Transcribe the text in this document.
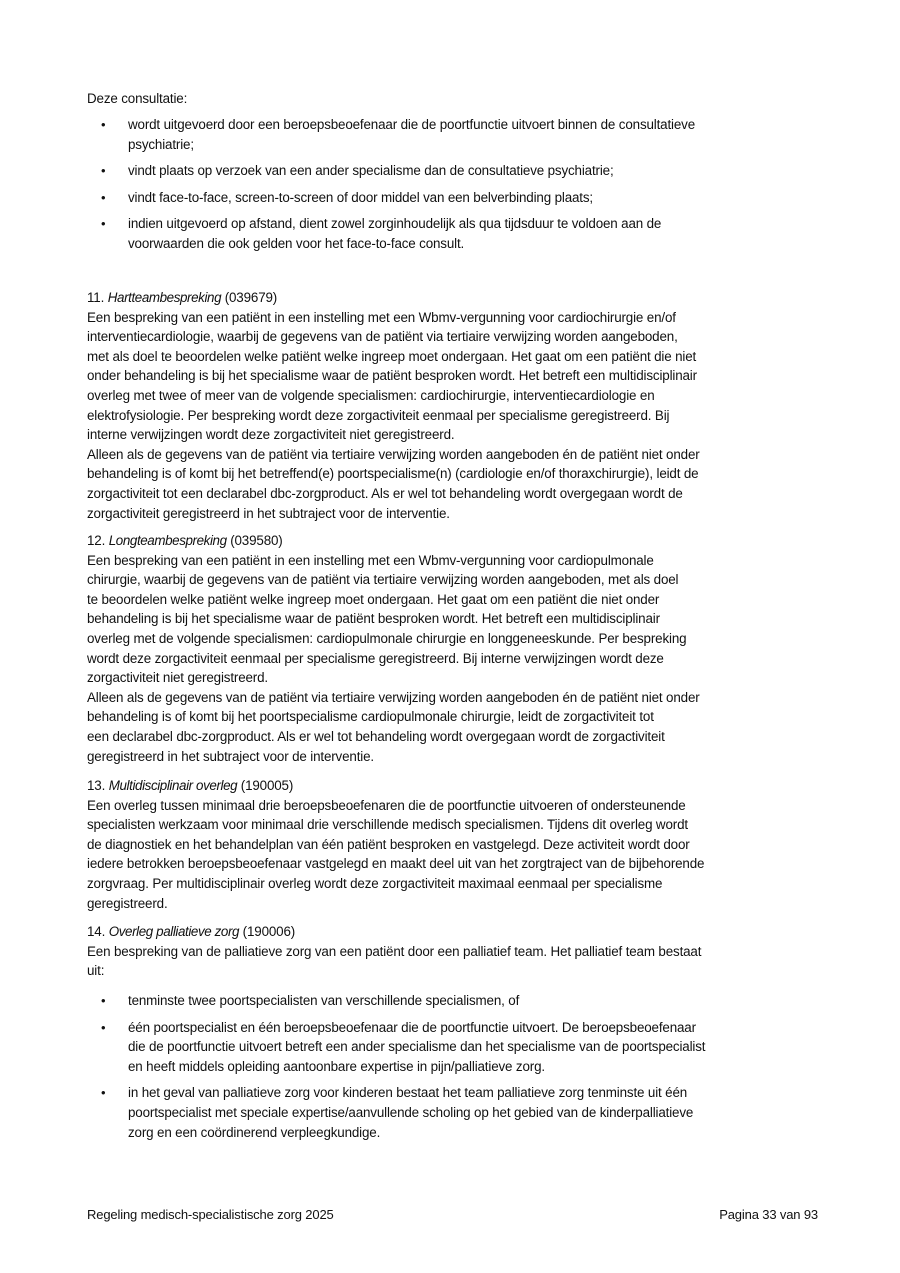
Deze consultatie:
• wordt uitgevoerd door een beroepsbeoefenaar die de poortfunctie uitvoert binnen de consultatieve
psychiatrie;
• vindt plaats op verzoek van een ander specialisme dan de consultatieve psychiatrie;
• vindt face-to-face, screen-to-screen of door middel van een belverbinding plaats;
• indien uitgevoerd op afstand, dient zowel zorginhoudelijk als qua tijdsduur te voldoen aan de
voorwaarden die ook gelden voor het face-to-face consult.
11. Hartteambespreking (039679)
Een bespreking van een patiënt in een instelling met een Wbmv-vergunning voor cardiochirurgie en/of
interventiecardiologie, waarbij de gegevens van de patiënt via tertiaire verwijzing worden aangeboden,
met als doel te beoordelen welke patiënt welke ingreep moet ondergaan. Het gaat om een patiënt die niet
onder behandeling is bij het specialisme waar de patiënt besproken wordt. Het betreft een multidisciplinair
overleg met twee of meer van de volgende specialismen: cardiochirurgie, interventiecardiologie en
elektrofysiologie. Per bespreking wordt deze zorgactiviteit eenmaal per specialisme geregistreerd. Bij
interne verwijzingen wordt deze zorgactiviteit niet geregistreerd.
Alleen als de gegevens van de patiënt via tertiaire verwijzing worden aangeboden én de patiënt niet onder
behandeling is of komt bij het betreffend(e) poortspecialisme(n) (cardiologie en/of thoraxchirurgie), leidt de
zorgactiviteit tot een declarabel dbc-zorgproduct. Als er wel tot behandeling wordt overgegaan wordt de
zorgactiviteit geregistreerd in het subtraject voor de interventie.
12. Longteambespreking (039580)
Een bespreking van een patiënt in een instelling met een Wbmv-vergunning voor cardiopulmonale
chirurgie, waarbij de gegevens van de patiënt via tertiaire verwijzing worden aangeboden, met als doel
te beoordelen welke patiënt welke ingreep moet ondergaan. Het gaat om een patiënt die niet onder
behandeling is bij het specialisme waar de patiënt besproken wordt. Het betreft een multidisciplinair
overleg met de volgende specialismen: cardiopulmonale chirurgie en longgeneeskunde. Per bespreking
wordt deze zorgactiviteit eenmaal per specialisme geregistreerd. Bij interne verwijzingen wordt deze
zorgactiviteit niet geregistreerd.
Alleen als de gegevens van de patiënt via tertiaire verwijzing worden aangeboden én de patiënt niet onder
behandeling is of komt bij het poortspecialisme cardiopulmonale chirurgie, leidt de zorgactiviteit tot
een declarabel dbc-zorgproduct. Als er wel tot behandeling wordt overgegaan wordt de zorgactiviteit
geregistreerd in het subtraject voor de interventie.
13. Multidisciplinair overleg (190005)
Een overleg tussen minimaal drie beroepsbeoefenaren die de poortfunctie uitvoeren of ondersteunende
specialisten werkzaam voor minimaal drie verschillende medisch specialismen. Tijdens dit overleg wordt
de diagnostiek en het behandelplan van één patiënt besproken en vastgelegd. Deze activiteit wordt door
iedere betrokken beroepsbeoefenaar vastgelegd en maakt deel uit van het zorgtraject van de bijbehorende
zorgvraag. Per multidisciplinair overleg wordt deze zorgactiviteit maximaal eenmaal per specialisme
geregistreerd.
14. Overleg palliatieve zorg (190006)
Een bespreking van de palliatieve zorg van een patiënt door een palliatief team. Het palliatief team bestaat
uit:
• tenminste twee poortspecialisten van verschillende specialismen, of
• één poortspecialist en één beroepsbeoefenaar die de poortfunctie uitvoert. De beroepsbeoefenaar
die de poortfunctie uitvoert betreft een ander specialisme dan het specialisme van de poortspecialist
en heeft middels opleiding aantoonbare expertise in pijn/palliatieve zorg.
• in het geval van palliatieve zorg voor kinderen bestaat het team palliatieve zorg tenminste uit één
poortspecialist met speciale expertise/aanvullende scholing op het gebied van de kinderpalliatieve
zorg en een coördinerend verpleegkundige.
Regeling medisch-specialistische zorg 2025	Pagina 33 van 93
